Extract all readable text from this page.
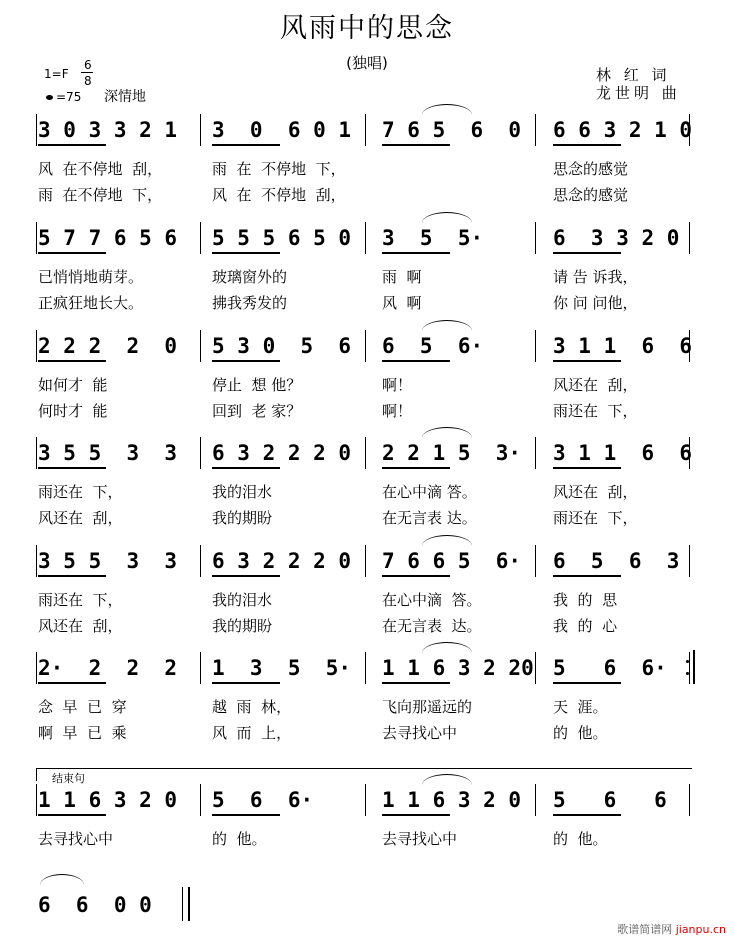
风雨中的思念
(独唱)
1=F
6
8
=75 深情地
林 红 词
龙世明 曲
3 0 3 3 2 1 3  0  6 0 1 7 6 5  6  0 6 6 3 2 1 0
风  在不停地  刮，	雨  在  不停地  下，	思念的感觉
雨  在不停地  下，	风  在  不停地  刮，	思念的感觉
5 7 7 6 5 6 5 5 5 6 5 0 3  5  5·	6  3 3 2 0
已悄悄地萌芽。	玻璃窗外的	雨  啊	请 告 诉我，
正疯狂地长大。	拂我秀发的	风  啊	你 问 问他，
2 2 2  2  0 5 3 0  5  6 6  5  6·	3 1 1  6  6
如何才  能	停止  想 他？	啊！	风还在  刮，
何时才  能	回到  老 家？	啊！	雨还在  下，
3 5 5  3  3 6 3 2 2 2 0 2 2 1 5  3· 3 1 1  6  6
雨还在  下，	我的泪水	在心中滴 答。	风还在  刮，
风还在  刮，	我的期盼	在无言表 达。	雨还在  下，
3 5 5  3  3 6 3 2 2 2 0 7 6 6 5  6· 6  5  6  3
雨还在  下，	我的泪水	在心中滴  答。	我  的  思
风还在  刮，	我的期盼	在无言表  达。	我  的  心
2·  2  2  2 1  3  5  5· 1 1 6 3 2 20 5   6  6·
念  早  已  穿	越  雨  林，	飞向那遥远的	天  涯。
啊  早  已  乘	风  而  上，	去寻找心中	的  他。
1 1 6 3 2 0 5  6  6·	1 1 6 3 2 0 5   6   6
去寻找心中	的  他。	去寻找心中	的  他。
6  6  0 0
结束句
歌谱简谱网 jianpu.cn
